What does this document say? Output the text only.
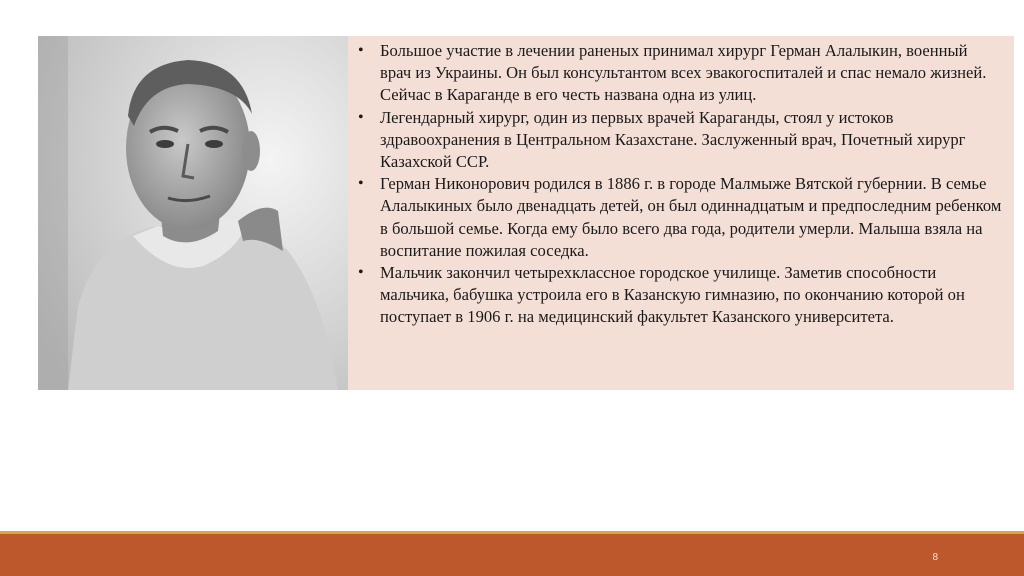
• Большое участие в лечении раненых принимал хирург Герман Алалыкин, военный врач из Украины. Он был консультантом всех эвакогоспиталей и спас немало жизней. Сейчас в Караганде в его честь названа одна из улиц.
• Легендарный хирург, один из первых врачей Караганды, стоял у истоков здравоохранения в Центральном Казахстане. Заслуженный врач, Почетный хирург Казахской ССР.
• Герман Никонорович родился в 1886 г. в городе Малмыже Вятской губернии. В семье Алалыкиных было двенадцать детей, он был одиннадцатым и предпоследним ребенком в большой семье. Когда ему было всего два года, родители умерли. Малыша взяла на воспитание пожилая соседка.
• Мальчик закончил четырехклассное городское училище. Заметив способности мальчика, бабушка устроила его в Казанскую гимназию, по окончанию которой он поступает в 1906 г. на медицинский факультет Казанского университета.
8
